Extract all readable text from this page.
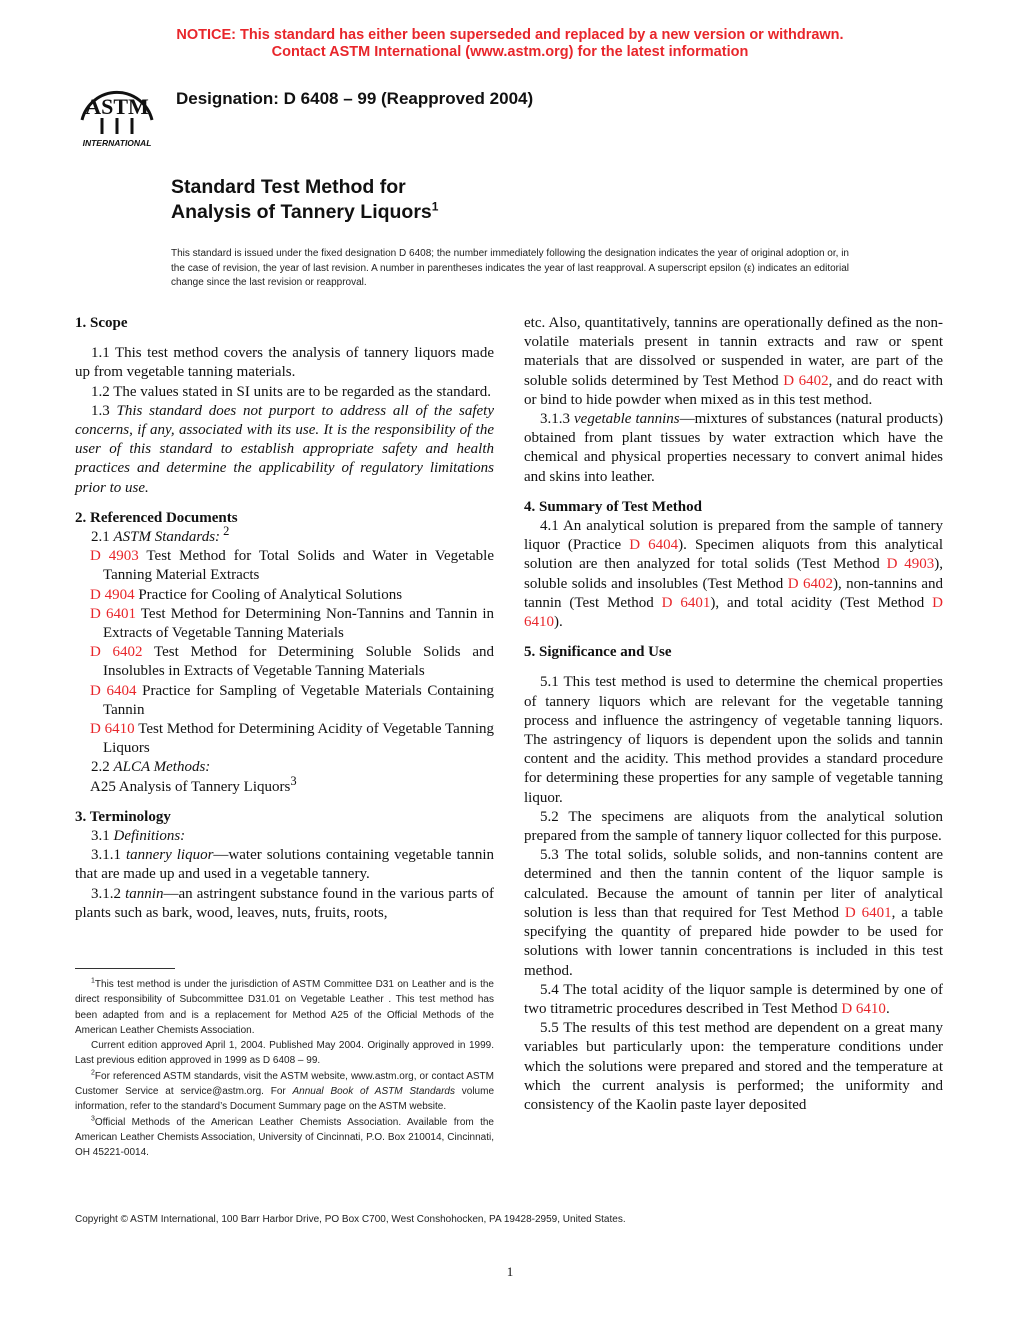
NOTICE: This standard has either been superseded and replaced by a new version or withdrawn.
Contact ASTM International (www.astm.org) for the latest information
ASTM
INTERNATIONAL
Designation: D 6408 – 99 (Reapproved 2004)
Standard Test Method for
Analysis of Tannery Liquors$^1$
This standard is issued under the fixed designation D 6408; the number immediately following the designation indicates the year of original adoption or, in the case of revision, the year of last revision. A number in parentheses indicates the year of last reapproval. A superscript epsilon (ε) indicates an editorial change since the last revision or reapproval.
1. Scope

1.1 This test method covers the analysis of tannery liquors made up from vegetable tanning materials.

1.2 The values stated in SI units are to be regarded as the standard.

1.3 This standard does not purport to address all of the safety concerns, if any, associated with its use. It is the responsibility of the user of this standard to establish appropriate safety and health practices and determine the applicability of regulatory limitations prior to use.

2. Referenced Documents

2.1 ASTM Standards: $^2$

D 4903 Test Method for Total Solids and Water in Vegetable Tanning Material Extracts

D 4904 Practice for Cooling of Analytical Solutions

D 6401 Test Method for Determining Non-Tannins and Tannin in Extracts of Vegetable Tanning Materials

D 6402 Test Method for Determining Soluble Solids and Insolubles in Extracts of Vegetable Tanning Materials

D 6404 Practice for Sampling of Vegetable Materials Containing Tannin

D 6410 Test Method for Determining Acidity of Vegetable Tanning Liquors

2.2 ALCA Methods:

A25 Analysis of Tannery Liquors$^3$

3. Terminology

3.1 Definitions:

3.1.1 tannery liquor—water solutions containing vegetable tannin that are made up and used in a vegetable tannery.

3.1.2 tannin—an astringent substance found in the various parts of plants such as bark, wood, leaves, nuts, fruits, roots,

$^1$This test method is under the jurisdiction of ASTM Committee D31 on Leather and is the direct responsibility of Subcommittee D31.01 on Vegetable Leather . This test method has been adapted from and is a replacement for Method A25 of the Official Methods of the American Leather Chemists Association.

Current edition approved April 1, 2004. Published May 2004. Originally approved in 1999. Last previous edition approved in 1999 as D 6408 – 99.

$^2$For referenced ASTM standards, visit the ASTM website, www.astm.org, or contact ASTM Customer Service at service@astm.org. For Annual Book of ASTM Standards volume information, refer to the standard’s Document Summary page on the ASTM website.

$^3$Official Methods of the American Leather Chemists Association. Available from the American Leather Chemists Association, University of Cincinnati, P.O. Box 210014, Cincinnati, OH 45221-0014.

etc. Also, quantitatively, tannins are operationally defined as the non-volatile materials present in tannin extracts and raw or spent materials that are dissolved or suspended in water, are part of the soluble solids determined by Test Method D 6402, and do react with or bind to hide powder when mixed as in this test method.

3.1.3 vegetable tannins—mixtures of substances (natural products) obtained from plant tissues by water extraction which have the chemical and physical properties necessary to convert animal hides and skins into leather.

4. Summary of Test Method

4.1 An analytical solution is prepared from the sample of tannery liquor (Practice D 6404). Specimen aliquots from this analytical solution are then analyzed for total solids (Test Method D 4903), soluble solids and insolubles (Test Method D 6402), non-tannins and tannin (Test Method D 6401), and total acidity (Test Method D 6410).

5. Significance and Use

5.1 This test method is used to determine the chemical properties of tannery liquors which are relevant for the vegetable tanning process and influence the astringency of vegetable tanning liquors. The astringency of liquors is dependent upon the solids and tannin content and the acidity. This method provides a standard procedure for determining these properties for any sample of vegetable tanning liquor.

5.2 The specimens are aliquots from the analytical solution prepared from the sample of tannery liquor collected for this purpose.

5.3 The total solids, soluble solids, and non-tannins content are determined and then the tannin content of the liquor sample is calculated. Because the amount of tannin per liter of analytical solution is less than that required for Test Method D 6401, a table specifying the quantity of prepared hide powder to be used for solutions with lower tannin concentrations is included in this test method.

5.4 The total acidity of the liquor sample is determined by one of two titrametric procedures described in Test Method D 6410.

5.5 The results of this test method are dependent on a great many variables but particularly upon: the temperature conditions under which the solutions were prepared and stored and the temperature at which the current analysis is performed; the uniformity and consistency of the Kaolin paste layer deposited

Copyright © ASTM International, 100 Barr Harbor Drive, PO Box C700, West Conshohocken, PA 19428-2959, United States.
1
